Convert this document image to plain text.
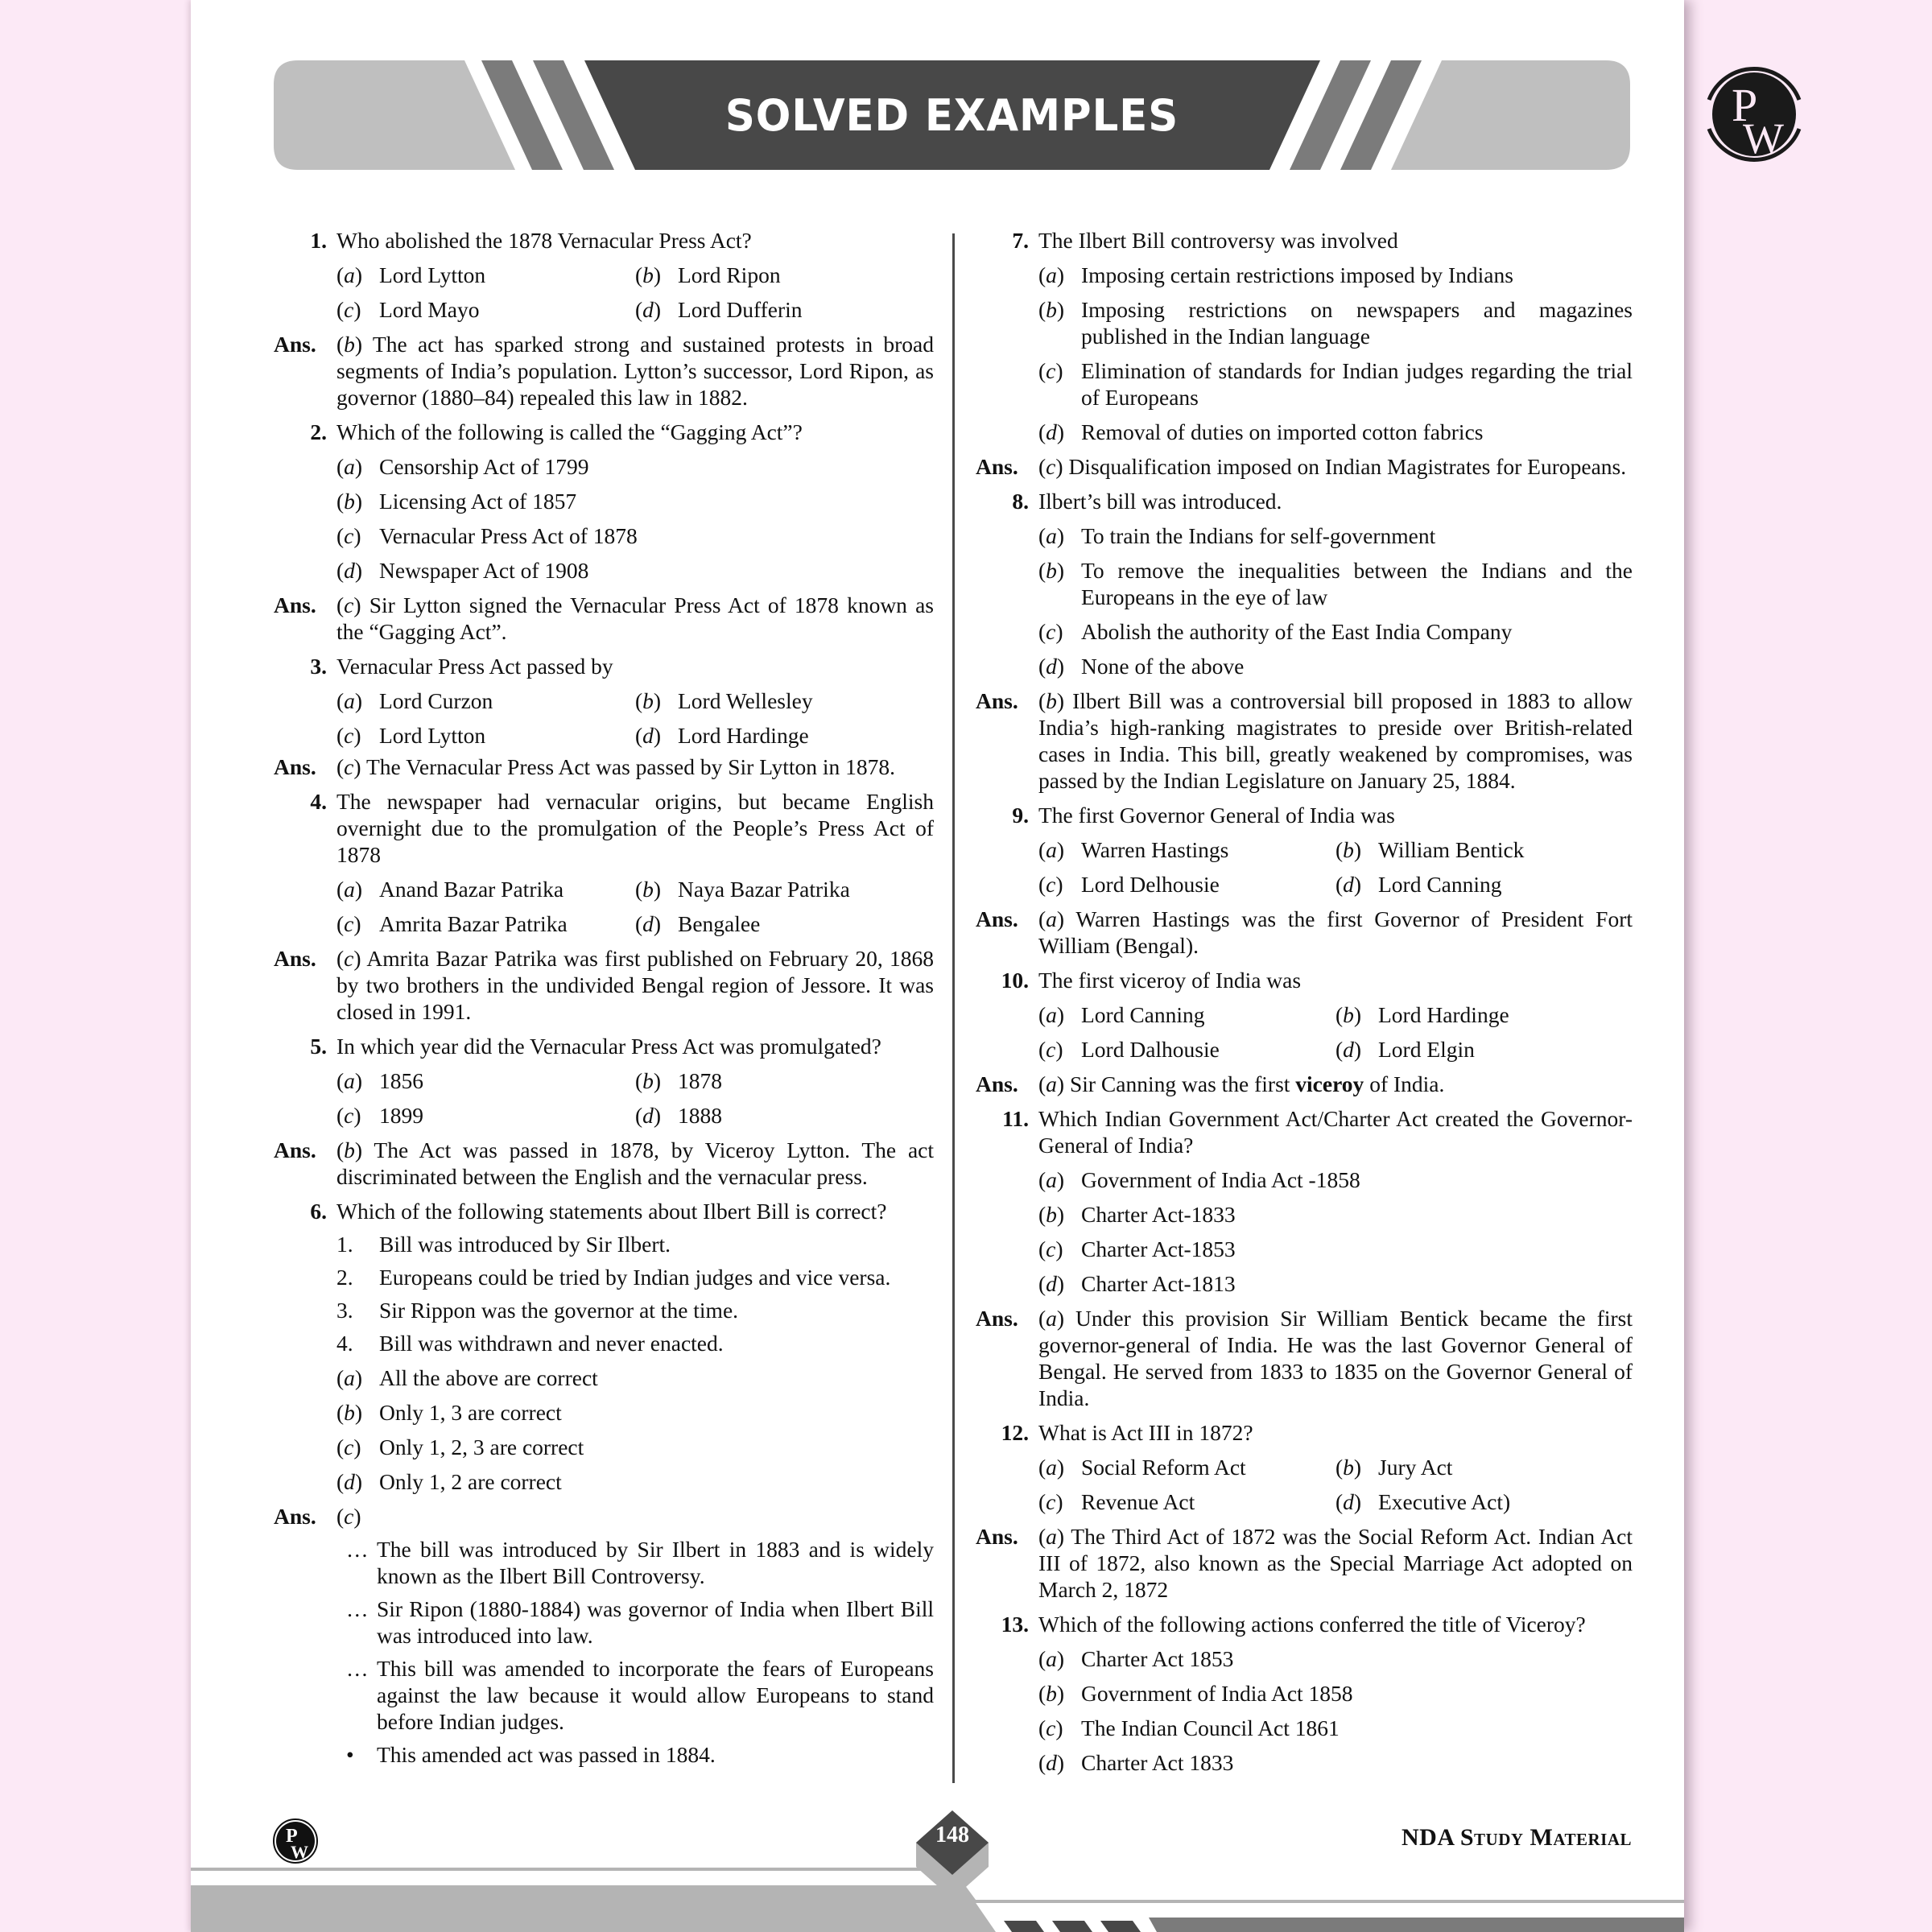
SOLVED EXAMPLES	P
W
1. Who abolished the 1878 Vernacular Press Act?
(a) Lord Lytton	(b) Lord Ripon
(c) Lord Mayo	(d) Lord Dufferin
Ans. (b) The act has sparked strong and sustained protests in broad segments of India’s population. Lytton’s successor, Lord Ripon, as governor (1880–84) repealed this law in 1882.
2. Which of the following is called the “Gagging Act”?
(a) Censorship Act of 1799
(b) Licensing Act of 1857
(c) Vernacular Press Act of 1878
(d) Newspaper Act of 1908
Ans. (c) Sir Lytton signed the Vernacular Press Act of 1878 known as the “Gagging Act”.
3. Vernacular Press Act passed by
(a) Lord Curzon	(b) Lord Wellesley
(c) Lord Lytton	(d) Lord Hardinge
Ans. (c) The Vernacular Press Act was passed by Sir Lytton in 1878.
4. The newspaper had vernacular origins, but became English overnight due to the promulgation of the People’s Press Act of 1878
(a) Anand Bazar Patrika	(b) Naya Bazar Patrika
(c) Amrita Bazar Patrika	(d) Bengalee
Ans. (c) Amrita Bazar Patrika was first published on February 20, 1868 by two brothers in the undivided Bengal region of Jessore. It was closed in 1991.
5. In which year did the Vernacular Press Act was promulgated?
(a) 1856	(b) 1878
(c) 1899	(d) 1888
Ans. (b) The Act was passed in 1878, by Viceroy Lytton. The act discriminated between the English and the vernacular press.
6. Which of the following statements about Ilbert Bill is correct?
1. Bill was introduced by Sir Ilbert.
2. Europeans could be tried by Indian judges and vice versa.
3. Sir Rippon was the governor at the time.
4. Bill was withdrawn and never enacted.
(a) All the above are correct
(b) Only 1, 3 are correct
(c) Only 1, 2, 3 are correct
(d) Only 1, 2 are correct
Ans. (c)
… The bill was introduced by Sir Ilbert in 1883 and is widely known as the Ilbert Bill Controversy.
… Sir Ripon (1880-1884) was governor of India when Ilbert Bill was introduced into law.
… This bill was amended to incorporate the fears of Europeans against the law because it would allow Europeans to stand before Indian judges.
• This amended act was passed in 1884.
7. The Ilbert Bill controversy was involved
(a) Imposing certain restrictions imposed by Indians
(b) Imposing restrictions on newspapers and magazines published in the Indian language
(c) Elimination of standards for Indian judges regarding the trial of Europeans
(d) Removal of duties on imported cotton fabrics
Ans. (c) Disqualification imposed on Indian Magistrates for Europeans.
8. Ilbert’s bill was introduced.
(a) To train the Indians for self-government
(b) To remove the inequalities between the Indians and the Europeans in the eye of law
(c) Abolish the authority of the East India Company
(d) None of the above
Ans. (b) Ilbert Bill was a controversial bill proposed in 1883 to allow India’s high-ranking magistrates to preside over British-related cases in India. This bill, greatly weakened by compromises, was passed by the Indian Legislature on January 25, 1884.
9. The first Governor General of India was
(a) Warren Hastings	(b) William Bentick
(c) Lord Delhousie	(d) Lord Canning
Ans. (a) Warren Hastings was the first Governor of President Fort William (Bengal).
10. The first viceroy of India was
(a) Lord Canning	(b) Lord Hardinge
(c) Lord Dalhousie	(d) Lord Elgin
Ans. (a) Sir Canning was the first viceroy of India.
11. Which Indian Government Act/Charter Act created the Governor-General of India?
(a) Government of India Act -1858
(b) Charter Act-1833
(c) Charter Act-1853
(d) Charter Act-1813
Ans. (a) Under this provision Sir William Bentick became the first governor-general of India. He was the last Governor General of Bengal. He served from 1833 to 1835 on the Governor General of India.
12. What is Act III in 1872?
(a) Social Reform Act	(b) Jury Act
(c) Revenue Act	(d) Executive Act)
Ans. (a) The Third Act of 1872 was the Social Reform Act. Indian Act III of 1872, also known as the Special Marriage Act adopted on March 2, 1872
13. Which of the following actions conferred the title of Viceroy?
(a) Charter Act 1853
(b) Government of India Act 1858
(c) The Indian Council Act 1861
(d) Charter Act 1833
P
W
148	NDA Study Material
